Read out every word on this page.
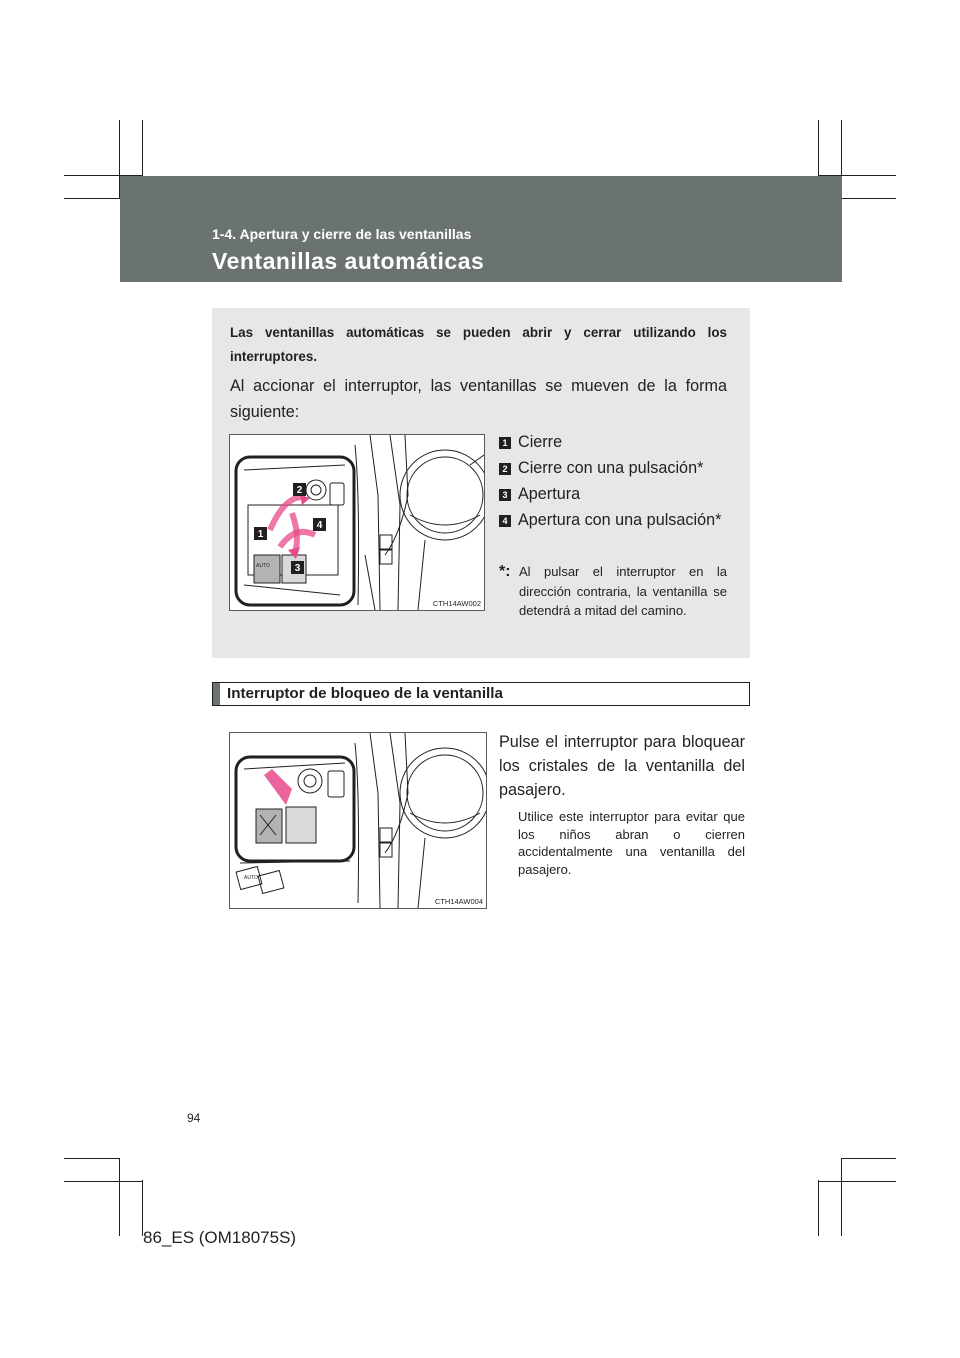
1-4. Apertura y cierre de las ventanillas
Ventanillas automáticas
Las ventanillas automáticas se pueden abrir y cerrar utilizando los interruptores.
Al accionar el interruptor, las ventanillas se mueven de la forma siguiente:
1
2
3
4
AUTO
CTH14AW002
1 Cierre
2 Cierre con una pulsación*
3 Apertura
4 Apertura con una pulsación*
*: Al pulsar el interruptor en la dirección contraria, la ventanilla se detendrá a mitad del camino.
Interruptor de bloqueo de la ventanilla
AUTO
CTH14AW004
Pulse el interruptor para bloquear los cristales de la ventanilla del pasajero.
Utilice este interruptor para evitar que los niños abran o cierren accidentalmente una ventanilla del pasajero.
94
86_ES (OM18075S)
